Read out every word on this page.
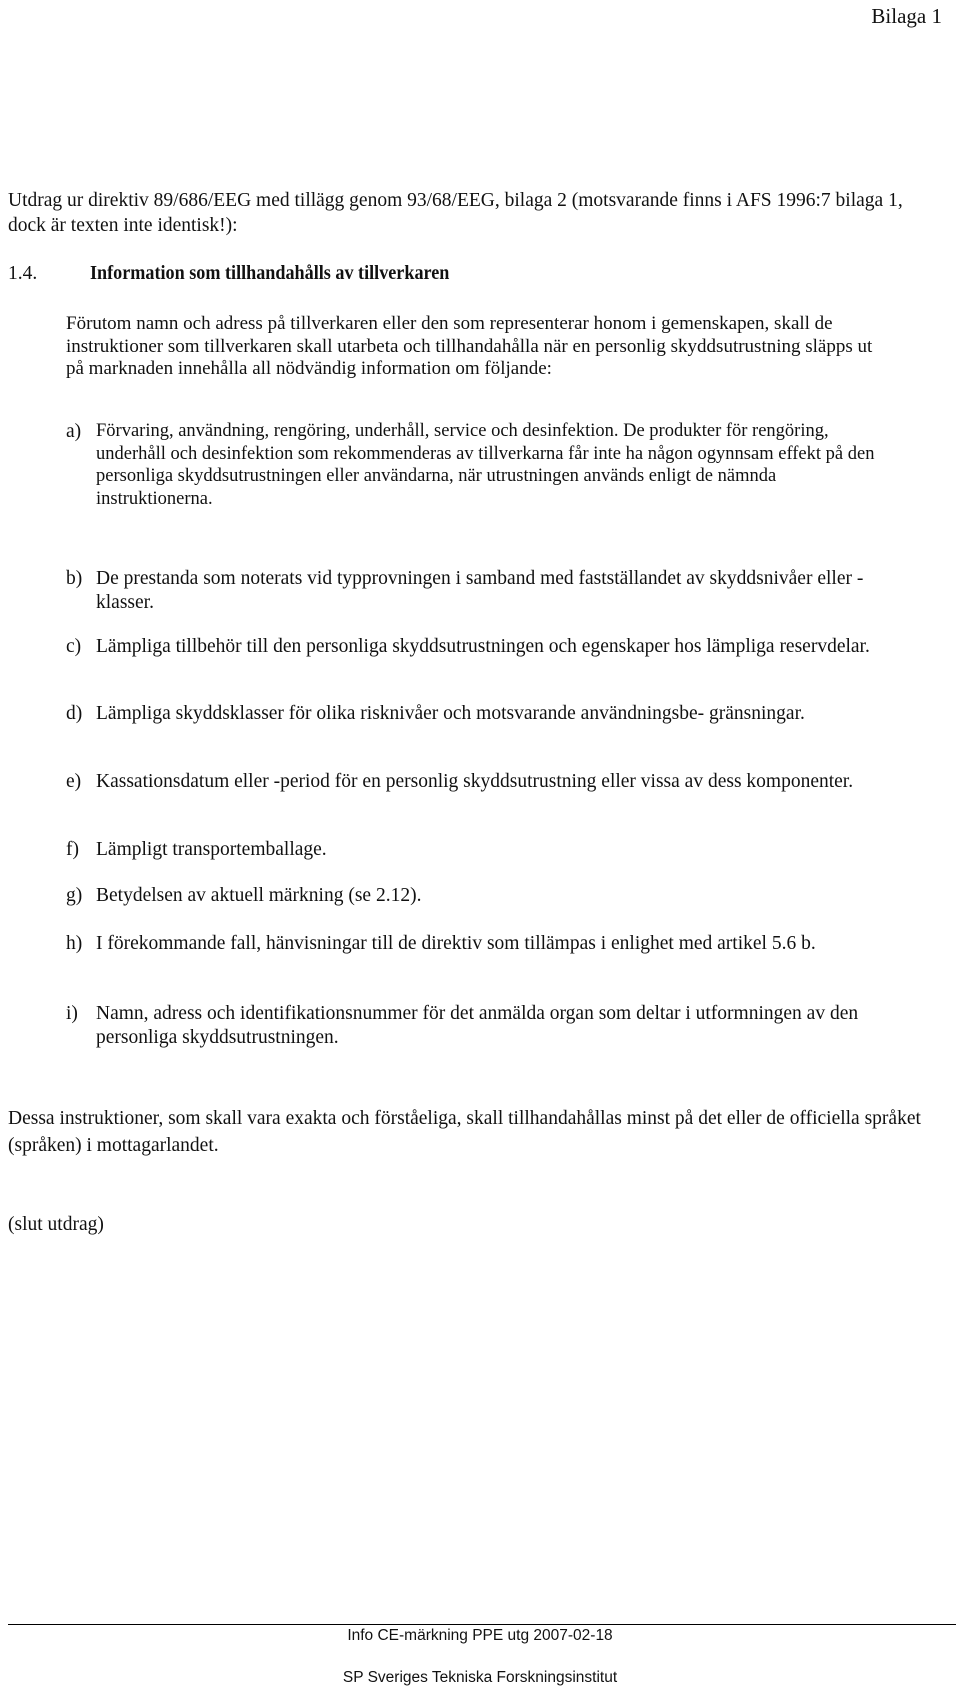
Bilaga 1
Utdrag ur direktiv 89/686/EEG med tillägg genom 93/68/EEG, bilaga 2 (motsvarande finns i AFS 1996:7 bilaga 1, dock är texten inte identisk!):
1.4.	Information som tillhandahålls av tillverkaren
Förutom namn och adress på tillverkaren eller den som representerar honom i gemenskapen, skall de instruktioner som tillverkaren skall utarbeta och tillhandahålla när en personlig skyddsutrustning släpps ut på marknaden innehålla all nödvändig information om följande:
a) Förvaring, användning, rengöring, underhåll, service och desinfektion. De produkter för rengöring, underhåll och desinfektion som rekommenderas av tillverkarna får inte ha någon ogynnsam effekt på den personliga skyddsutrustningen eller användarna, när utrustningen används enligt de nämnda instruktionerna.
b) De prestanda som noterats vid typprovningen i samband med fastställandet av skyddsnivåer eller -klasser.
c) Lämpliga tillbehör till den personliga skyddsutrustningen och egenskaper hos lämpliga reservdelar.
d) Lämpliga skyddsklasser för olika risknivåer och motsvarande användningsbe- gränsningar.
e) Kassationsdatum eller -period för en personlig skyddsutrustning eller vissa av dess komponenter.
f) Lämpligt transportemballage.
g) Betydelsen av aktuell märkning (se 2.12).
h) I förekommande fall, hänvisningar till de direktiv som tillämpas i enlighet med artikel 5.6 b.
i) Namn, adress och identifikationsnummer för det anmälda organ som deltar i utformningen av den personliga skyddsutrustningen.
Dessa instruktioner, som skall vara exakta och förståeliga, skall tillhandahållas minst på det eller de officiella språket (språken) i mottagarlandet.
(slut utdrag)
Info CE-märkning PPE utg 2007-02-18
SP Sveriges Tekniska Forskningsinstitut
